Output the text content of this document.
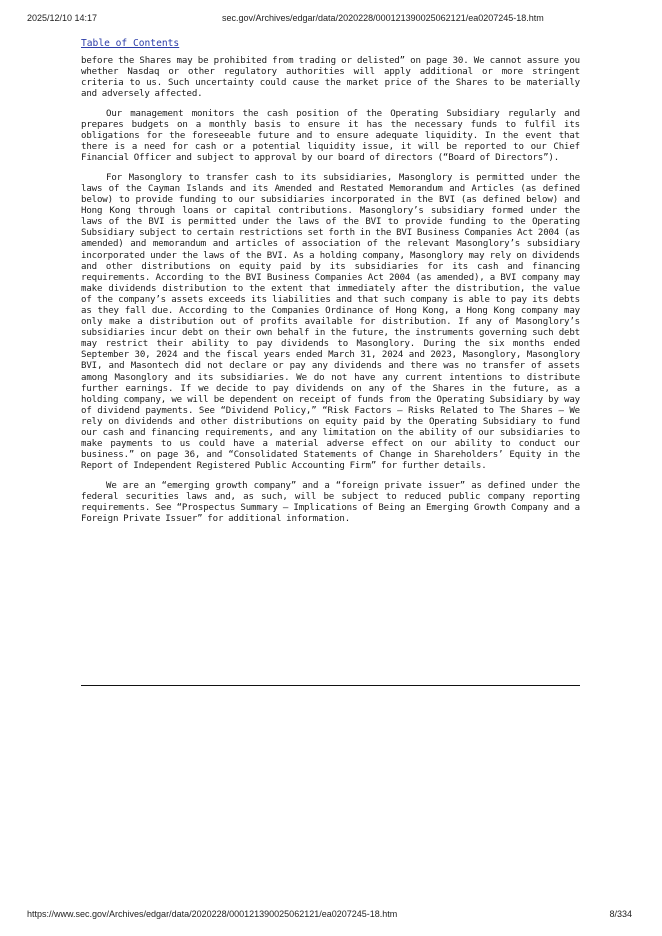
2025/12/10 14:17	sec.gov/Archives/edgar/data/2020228/000121390025062121/ea0207245-18.htm
Table of Contents

before the Shares may be prohibited from trading or delisted” on page 30. We cannot assure you whether Nasdaq or other regulatory authorities will apply additional or more stringent criteria to us. Such uncertainty could cause the market price of the Shares to be materially and adversely affected.

Our management monitors the cash position of the Operating Subsidiary regularly and prepares budgets on a monthly basis to ensure it has the necessary funds to fulfil its obligations for the foreseeable future and to ensure adequate liquidity. In the event that there is a need for cash or a potential liquidity issue, it will be reported to our Chief Financial Officer and subject to approval by our board of directors (“Board of Directors”).

For Masonglory to transfer cash to its subsidiaries, Masonglory is permitted under the laws of the Cayman Islands and its Amended and Restated Memorandum and Articles (as defined below) to provide funding to our subsidiaries incorporated in the BVI (as defined below) and Hong Kong through loans or capital contributions. Masonglory’s subsidiary formed under the laws of the BVI is permitted under the laws of the BVI to provide funding to the Operating Subsidiary subject to certain restrictions set forth in the BVI Business Companies Act 2004 (as amended) and memorandum and articles of association of the relevant Masonglory’s subsidiary incorporated under the laws of the BVI. As a holding company, Masonglory may rely on dividends and other distributions on equity paid by its subsidiaries for its cash and financing requirements. According to the BVI Business Companies Act 2004 (as amended), a BVI company may make dividends distribution to the extent that immediately after the distribution, the value of the company’s assets exceeds its liabilities and that such company is able to pay its debts as they fall due. According to the Companies Ordinance of Hong Kong, a Hong Kong company may only make a distribution out of profits available for distribution. If any of Masonglory’s subsidiaries incur debt on their own behalf in the future, the instruments governing such debt may restrict their ability to pay dividends to Masonglory. During the six months ended September 30, 2024 and the fiscal years ended March 31, 2024 and 2023, Masonglory, Masonglory BVI, and Masontech did not declare or pay any dividends and there was no transfer of assets among Masonglory and its subsidiaries. We do not have any current intentions to distribute further earnings. If we decide to pay dividends on any of the Shares in the future, as a holding company, we will be dependent on receipt of funds from the Operating Subsidiary by way of dividend payments. See “Dividend Policy,” “Risk Factors — Risks Related to The Shares — We rely on dividends and other distributions on equity paid by the Operating Subsidiary to fund our cash and financing requirements, and any limitation on the ability of our subsidiaries to make payments to us could have a material adverse effect on our ability to conduct our business.” on page 36, and “Consolidated Statements of Change in Shareholders’ Equity in the Report of Independent Registered Public Accounting Firm” for further details.

We are an “emerging growth company” and a “foreign private issuer” as defined under the federal securities laws and, as such, will be subject to reduced public company reporting requirements. See “Prospectus Summary — Implications of Being an Emerging Growth Company and a Foreign Private Issuer” for additional information.

https://www.sec.gov/Archives/edgar/data/2020228/000121390025062121/ea0207245-18.htm	8/334
